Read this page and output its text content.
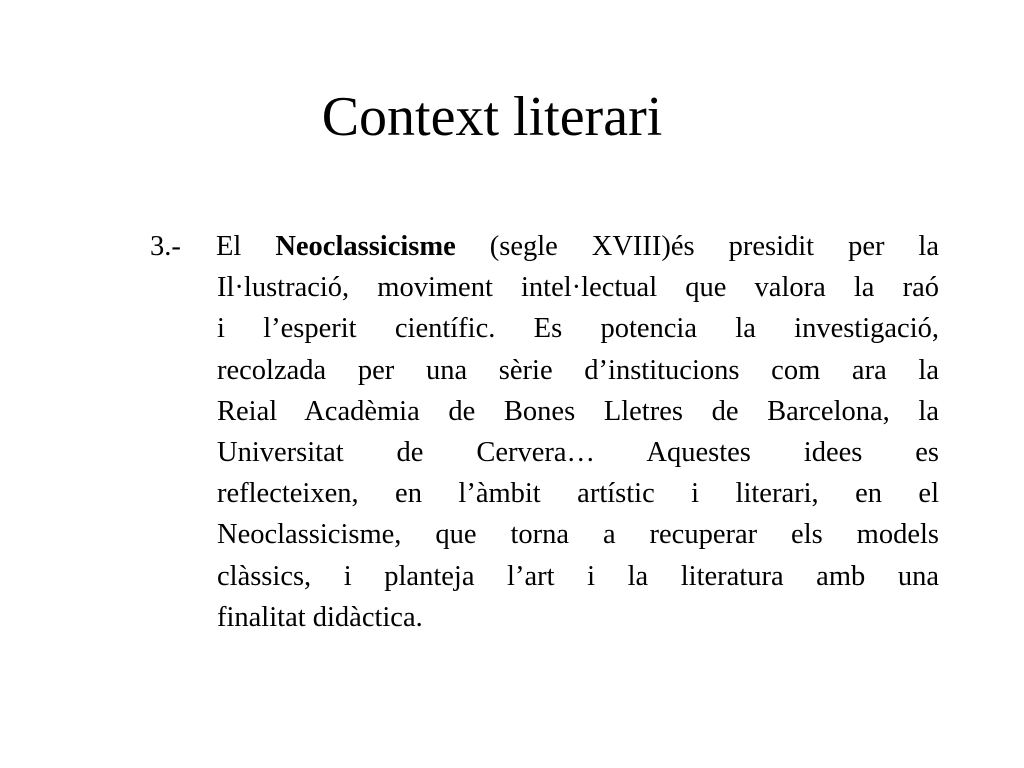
Context literari
3.- El Neoclassicisme (segle XVIII)és presidit per la
Il·lustració, moviment intel·lectual que valora la raó
i l’esperit científic. Es potencia la investigació,
recolzada per una sèrie d’institucions com ara la
Reial Acadèmia de Bones Lletres de Barcelona, la
Universitat de Cervera… Aquestes idees es
reflecteixen, en l’àmbit artístic i literari, en el
Neoclassicisme, que torna a recuperar els models
clàssics, i planteja l’art i la literatura amb una
finalitat didàctica.
